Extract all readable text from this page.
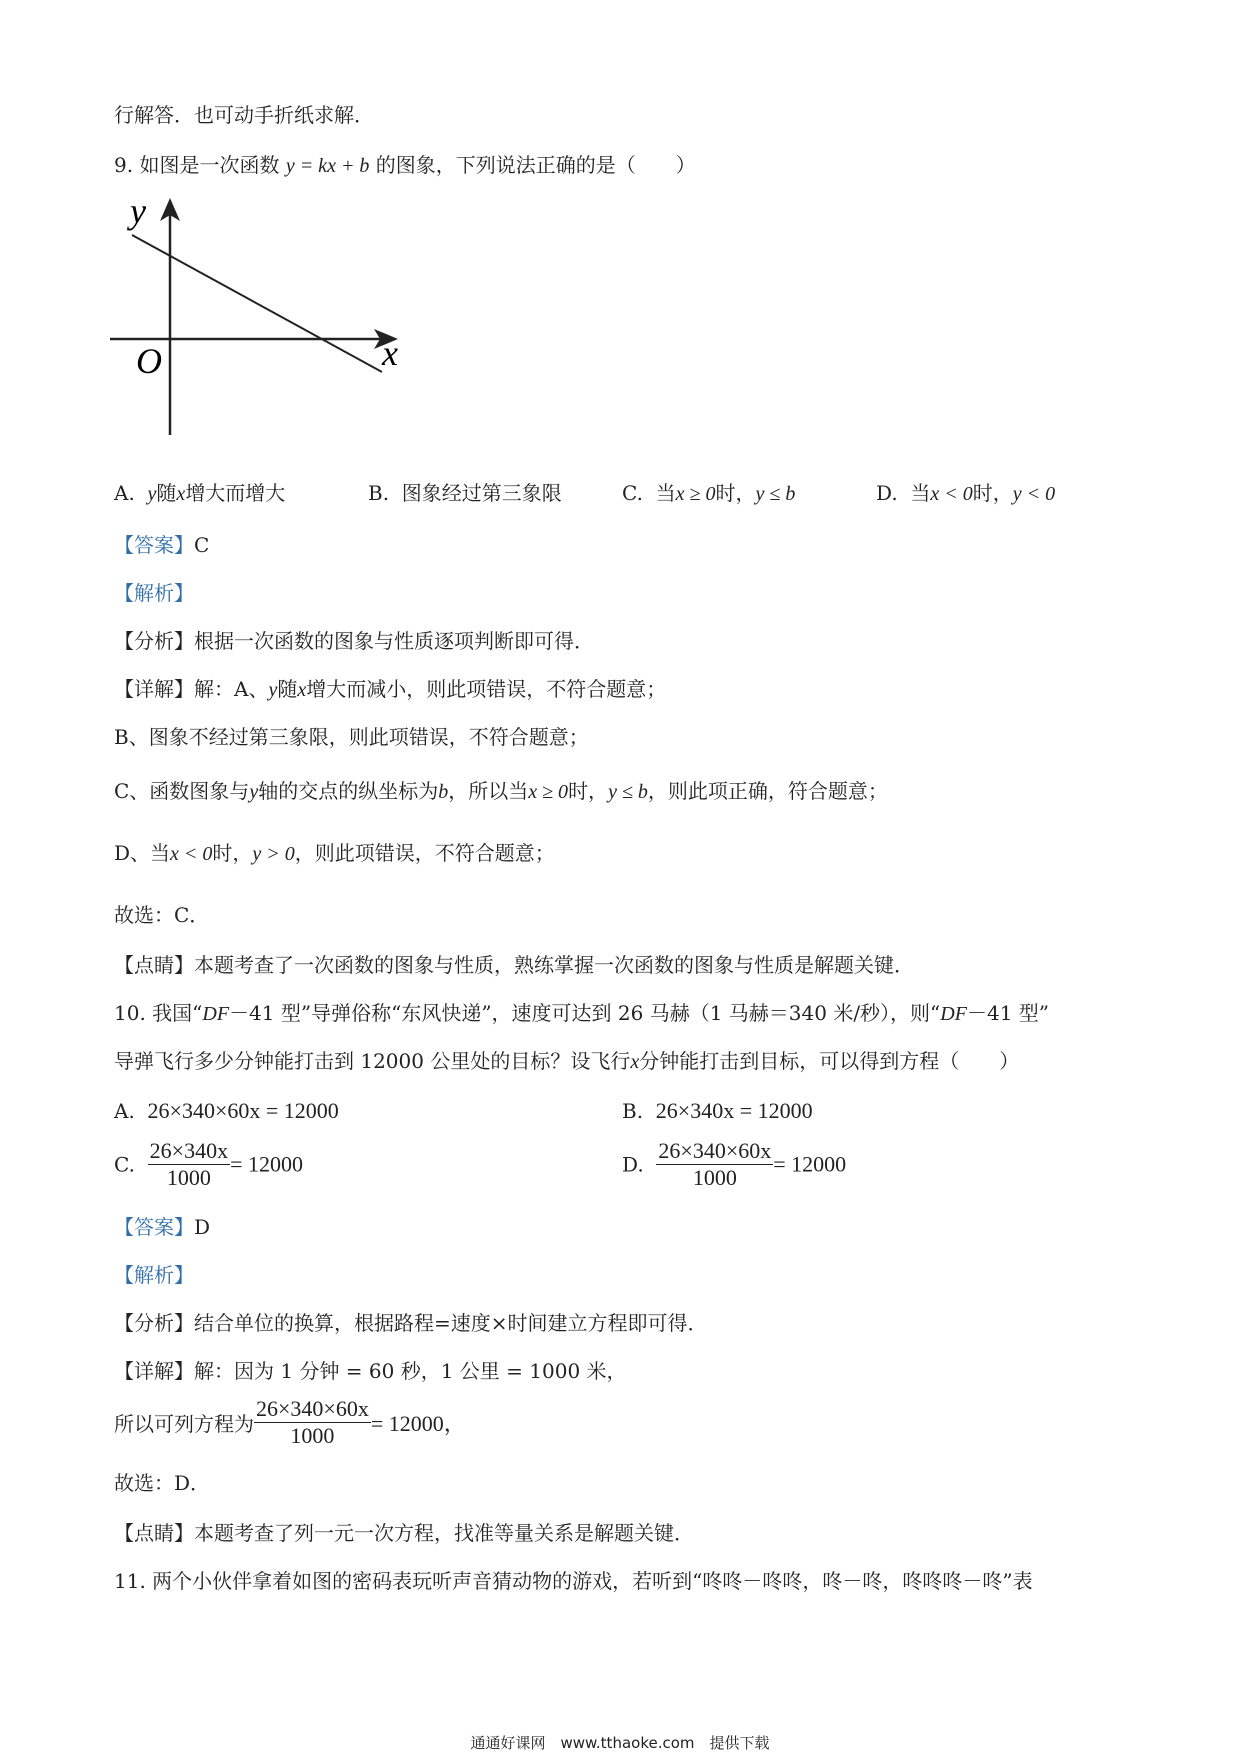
行解答．也可动手折纸求解．
9. 如图是一次函数 y = kx + b 的图象，下列说法正确的是（　　）
y
x
O
A. y随x增大而增大	B. 图象经过第三象限	C. 当x ≥ 0时，y ≤ b	D. 当x < 0时，y < 0
【答案】C
【解析】
【分析】根据一次函数的图象与性质逐项判断即可得．
【详解】解：A、y随x增大而减小，则此项错误，不符合题意；
B、图象不经过第三象限，则此项错误，不符合题意；
C、函数图象与y轴的交点的纵坐标为b，所以当x ≥ 0时，y ≤ b，则此项正确，符合题意；
D、当x < 0时，y > 0，则此项错误，不符合题意；
故选：C．
【点睛】本题考查了一次函数的图象与性质，熟练掌握一次函数的图象与性质是解题关键．
10. 我国“DF－41 型”导弹俗称“东风快递”，速度可达到 26 马赫（1 马赫＝340 米/秒），则“DF－41 型”
导弹飞行多少分钟能打击到 12000 公里处的目标？设飞行x分钟能打击到目标，可以得到方程（　　）
A. 26×340×60x = 12000	B. 26×340x = 12000
C. $\frac{26\times 340x}{1000} = 12000$	D. $\frac{26\times 340\times 60x}{1000} = 12000$
【答案】D
【解析】
【分析】结合单位的换算，根据路程=速度×时间建立方程即可得．
【详解】解：因为 1 分钟 = 60 秒，1 公里 = 1000 米，
所以可列方程为 $\frac{26\times 340\times 60x}{1000} = 12000$，
故选：D．
【点睛】本题考查了列一元一次方程，找准等量关系是解题关键．
11. 两个小伙伴拿着如图的密码表玩听声音猜动物的游戏，若听到“咚咚－咚咚，咚－咚，咚咚咚－咚”表
通通好课网　www.tthaoke.com　提供下载
